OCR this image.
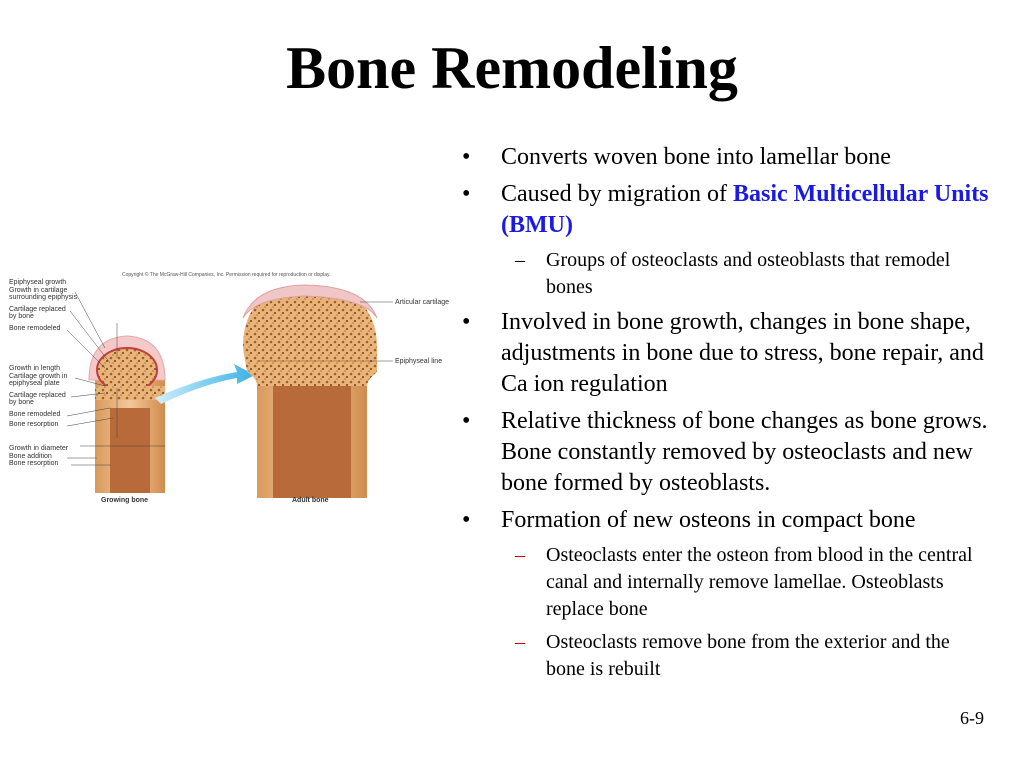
Bone Remodeling
Copyright © The McGraw-Hill Companies, Inc. Permission required for reproduction or display.
Epiphyseal growth
Growth in cartilage
surrounding epiphysis
Cartilage replaced
by bone
Bone remodeled
Growth in length
Cartilage growth in
epiphyseal plate
Cartilage replaced
by bone
Bone remodeled
Bone resorption
Growth in diameter
Bone addition
Bone resorption
Articular cartilage
Epiphyseal line
Growing bone	Adult bone
• Converts woven bone into lamellar bone
• Caused by migration of Basic Multicellular Units (BMU)
– Groups of osteoclasts and osteoblasts that remodel bones
• Involved in bone growth, changes in bone shape, adjustments in bone due to stress, bone repair, and Ca ion regulation
• Relative thickness of bone changes as bone grows. Bone constantly removed by osteoclasts and new bone formed by osteoblasts.
• Formation of new osteons in compact bone
– Osteoclasts enter the osteon from blood in the central canal and internally remove lamellae. Osteoblasts replace bone
– Osteoclasts remove bone from the exterior and the bone is rebuilt
6-9
